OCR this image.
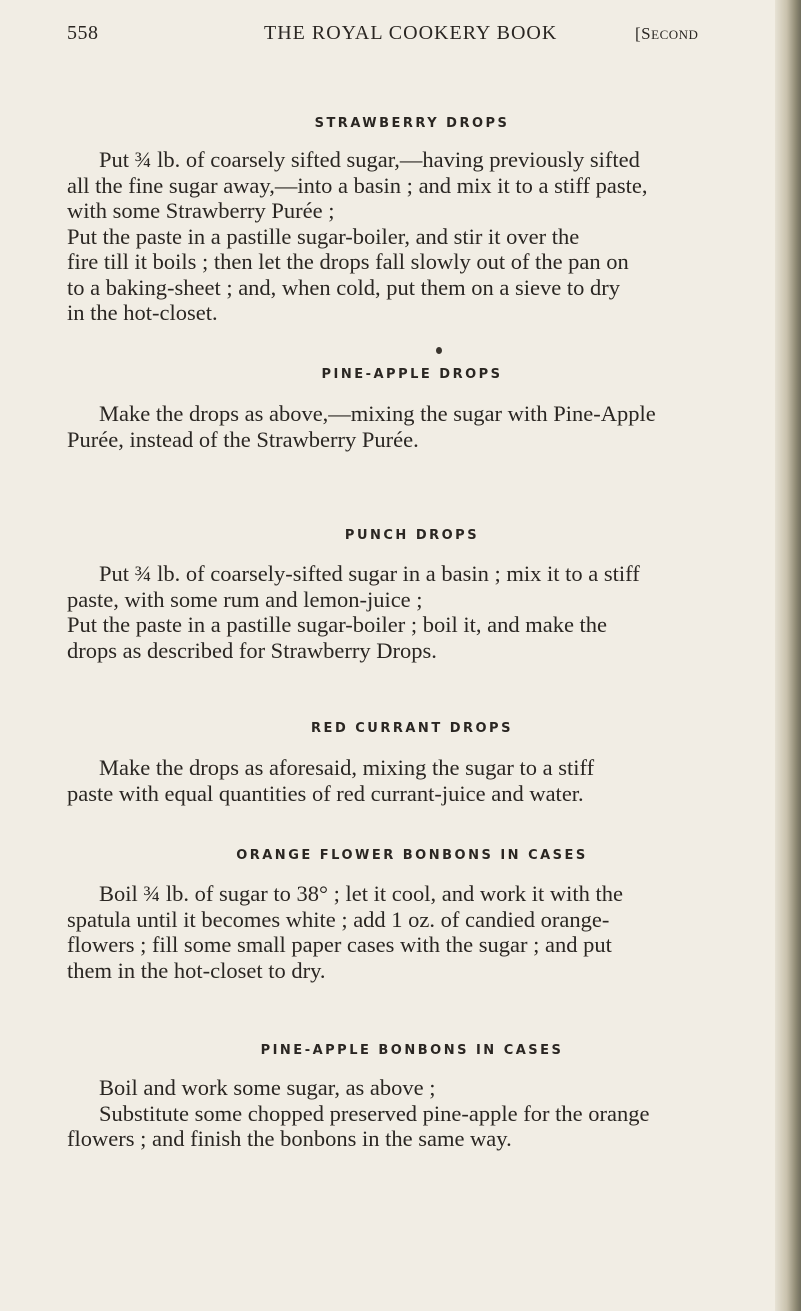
558	THE ROYAL COOKERY BOOK	[SECOND
STRAWBERRY DROPS
Put ¾ lb. of coarsely sifted sugar,—having previously sifted
all the fine sugar away,—into a basin ; and mix it to a stiff paste,
with some Strawberry Purée ;
Put the paste in a pastille sugar-boiler, and stir it over the
fire till it boils ; then let the drops fall slowly out of the pan on
to a baking-sheet ; and, when cold, put them on a sieve to dry
in the hot-closet.
PINE-APPLE DROPS
Make the drops as above,—mixing the sugar with Pine-Apple
Purée, instead of the Strawberry Purée.
PUNCH DROPS
Put ¾ lb. of coarsely-sifted sugar in a basin ; mix it to a stiff
paste, with some rum and lemon-juice ;
Put the paste in a pastille sugar-boiler ; boil it, and make the
drops as described for Strawberry Drops.
RED CURRANT DROPS
Make the drops as aforesaid, mixing the sugar to a stiff
paste with equal quantities of red currant-juice and water.
ORANGE FLOWER BONBONS IN CASES
Boil ¾ lb. of sugar to 38° ; let it cool, and work it with the
spatula until it becomes white ; add 1 oz. of candied orange-
flowers ; fill some small paper cases with the sugar ; and put
them in the hot-closet to dry.
PINE-APPLE BONBONS IN CASES
Boil and work some sugar, as above ;
Substitute some chopped preserved pine-apple for the orange
flowers ; and finish the bonbons in the same way.
